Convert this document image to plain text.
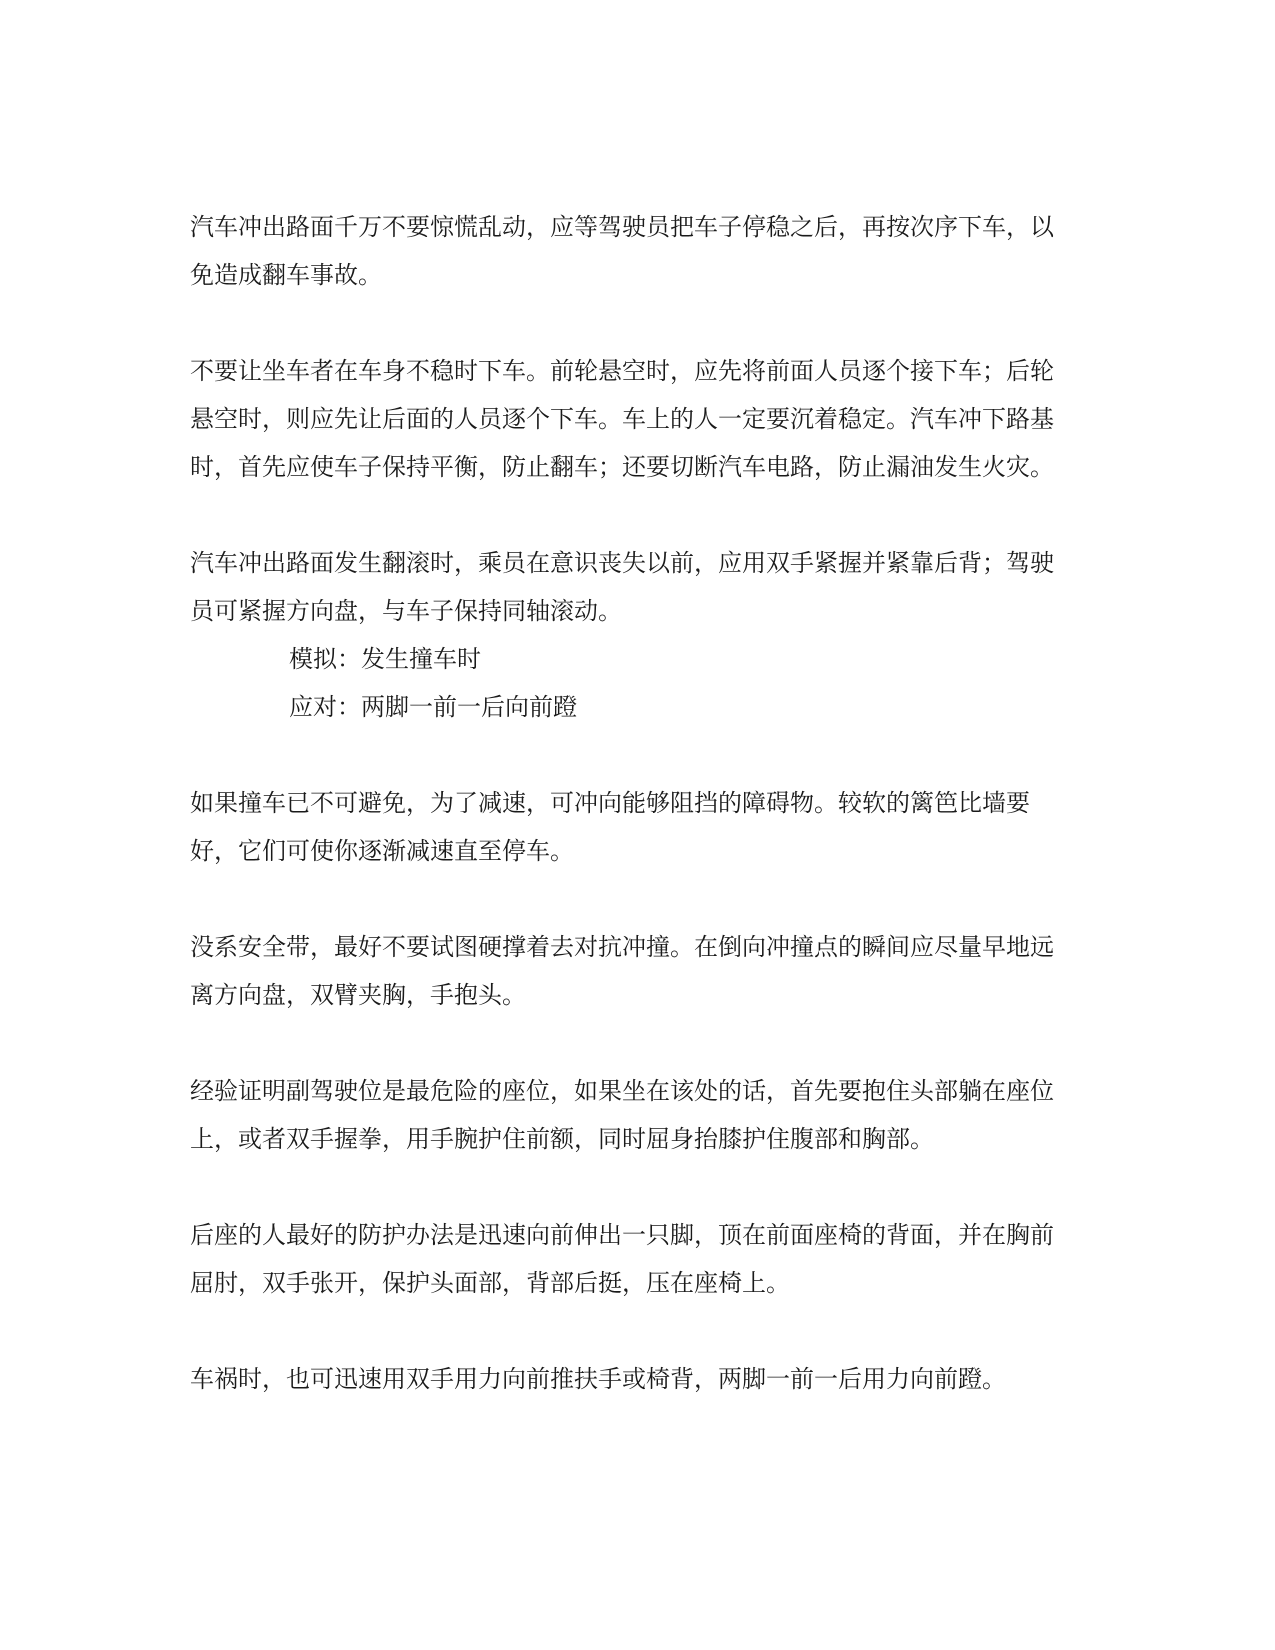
汽车冲出路面千万不要惊慌乱动，应等驾驶员把车子停稳之后，再按次序下车，以免造成翻车事故。

不要让坐车者在车身不稳时下车。前轮悬空时，应先将前面人员逐个接下车；后轮悬空时，则应先让后面的人员逐个下车。车上的人一定要沉着稳定。汽车冲下路基时，首先应使车子保持平衡，防止翻车；还要切断汽车电路，防止漏油发生火灾。

汽车冲出路面发生翻滚时，乘员在意识丧失以前，应用双手紧握并紧靠后背；驾驶员可紧握方向盘，与车子保持同轴滚动。

模拟：发生撞车时

应对：两脚一前一后向前蹬

如果撞车已不可避免，为了减速，可冲向能够阻挡的障碍物。较软的篱笆比墙要好，它们可使你逐渐减速直至停车。

没系安全带，最好不要试图硬撑着去对抗冲撞。在倒向冲撞点的瞬间应尽量早地远离方向盘，双臂夹胸，手抱头。

经验证明副驾驶位是最危险的座位，如果坐在该处的话，首先要抱住头部躺在座位上，或者双手握拳，用手腕护住前额，同时屈身抬膝护住腹部和胸部。

后座的人最好的防护办法是迅速向前伸出一只脚，顶在前面座椅的背面，并在胸前屈肘，双手张开，保护头面部，背部后挺，压在座椅上。

车祸时，也可迅速用双手用力向前推扶手或椅背，两脚一前一后用力向前蹬。
